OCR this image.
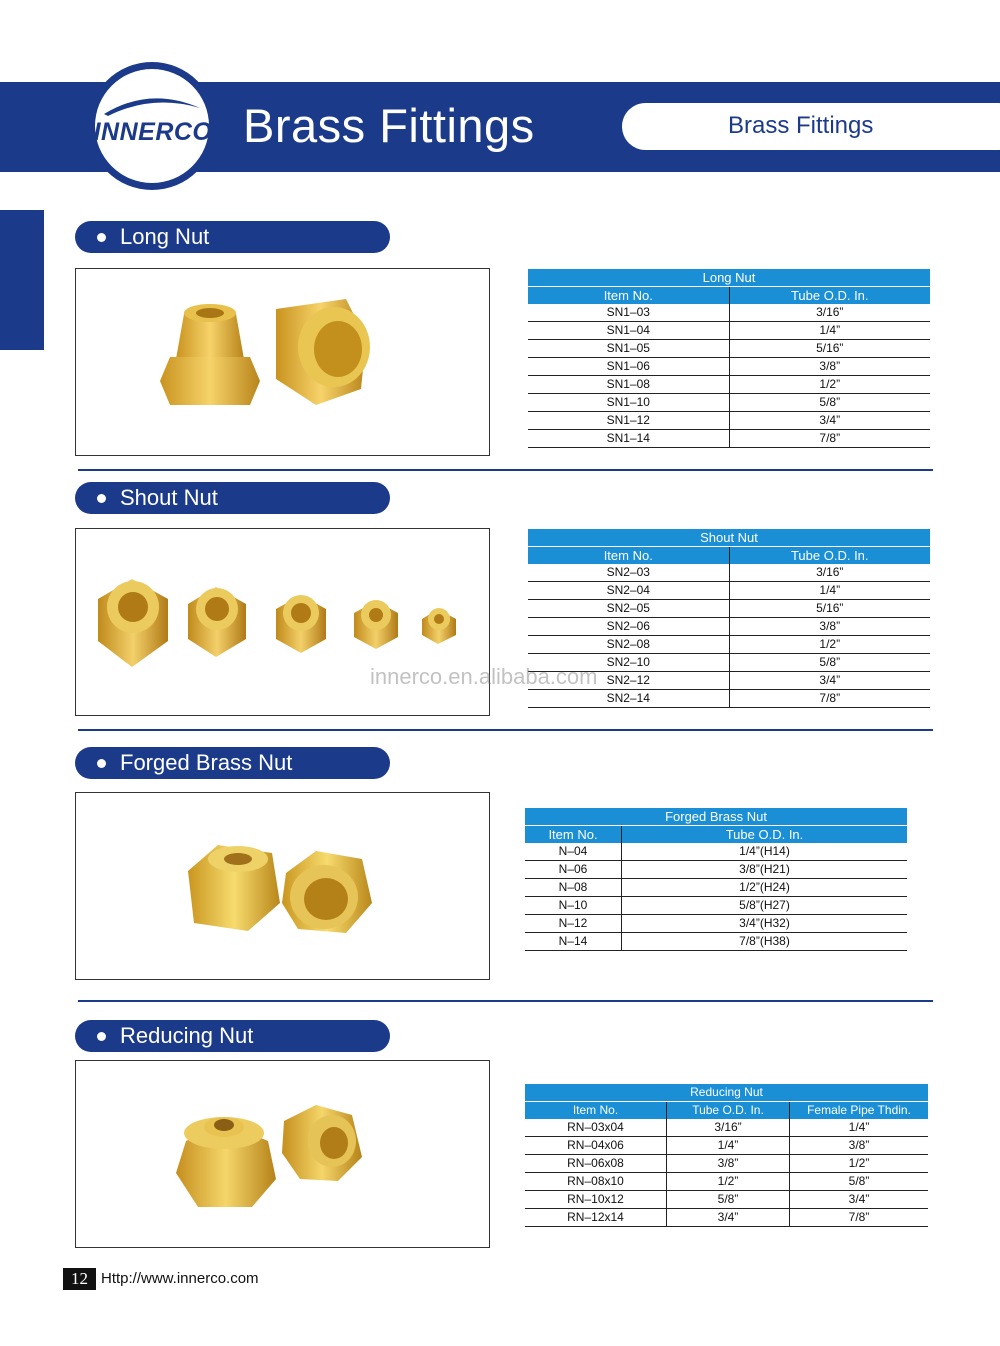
INNERCO Brass Fittings	Brass Fittings
Long Nut
Long Nut	
Item No.	Tube O.D. In.
SN1–03	3/16”
SN1–04	1/4”
SN1–05	5/16”
SN1–06	3/8”
SN1–08	1/2”
SN1–10	5/8”
SN1–12	3/4”
SN1–14	7/8”
Shout Nut
Shout Nut	
Item No.	Tube O.D. In.
SN2–03	3/16”
SN2–04	1/4”
SN2–05	5/16”
SN2–06	3/8”
SN2–08	1/2”
SN2–10	5/8”
SN2–12	3/4”
SN2–14	7/8”
innerco.en.alibaba.com
Forged Brass Nut
Forged Brass Nut	
Item No.	Tube O.D. In.
N–04	1/4”(H14)
N–06	3/8”(H21)
N–08	1/2”(H24)
N–10	5/8”(H27)
N–12	3/4”(H32)
N–14	7/8”(H38)
Reducing Nut
Reducing Nut		
Item No.	Tube O.D. In.	Female Pipe Thdin.
RN–03x04	3/16”	1/4”
RN–04x06	1/4”	3/8”
RN–06x08	3/8”	1/2”
RN–08x10	1/2”	5/8”
RN–10x12	5/8”	3/4”
RN–12x14	3/4”	7/8”
12 Http://www.innerco.com
